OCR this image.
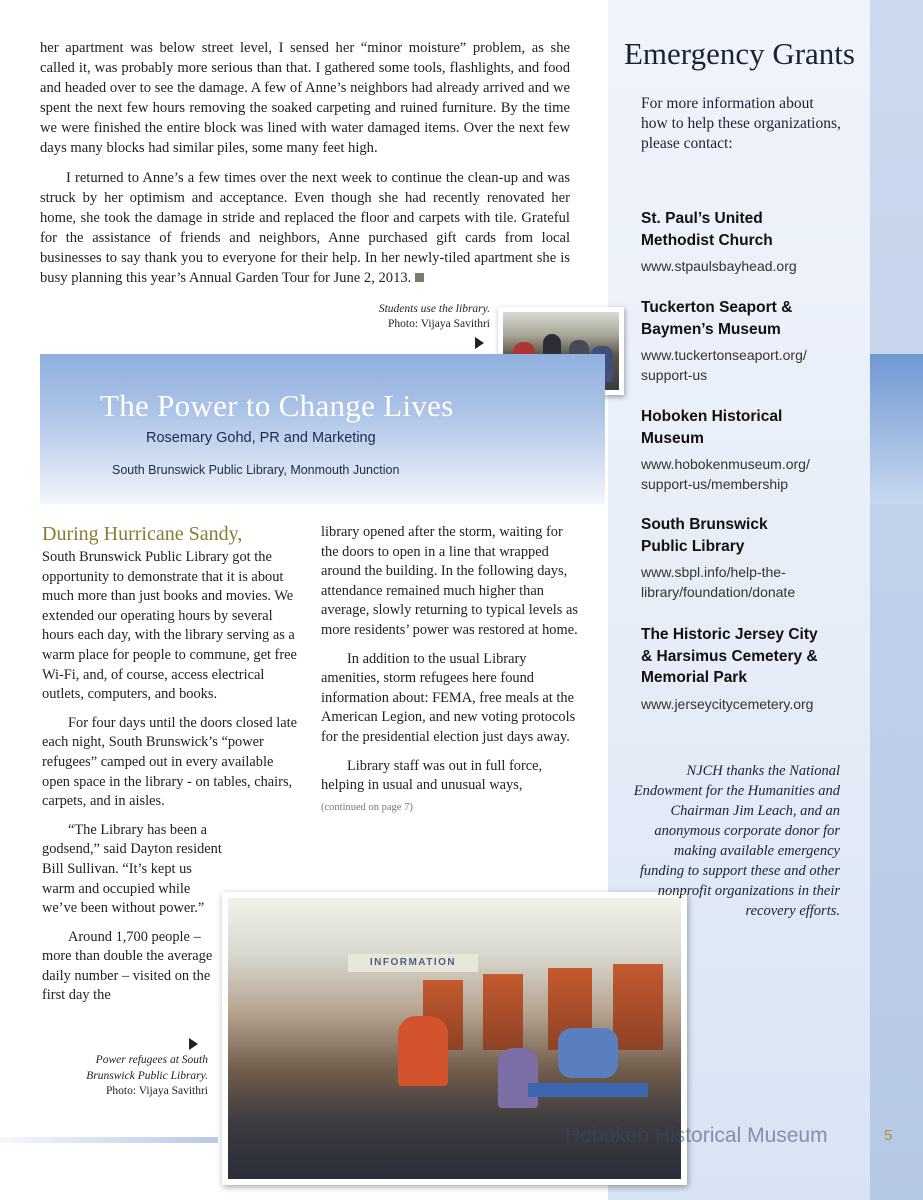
her apartment was below street level, I sensed her “minor moisture” problem, as she called it, was probably more serious than that. I gathered some tools, flashlights, and food and headed over to see the damage. A few of Anne’s neighbors had already arrived and we spent the next few hours removing the soaked carpeting and ruined furniture. By the time we were finished the entire block was lined with water damaged items. Over the next few days many blocks had similar piles, some many feet high.

I returned to Anne’s a few times over the next week to continue the clean-up and was struck by her optimism and acceptance. Even though she had recently renovated her home, she took the damage in stride and replaced the floor and carpets with tile. Grateful for the assistance of friends and neighbors, Anne purchased gift cards from local businesses to say thank you to everyone for their help. In her newly-tiled apartment she is busy planning this year’s Annual Garden Tour for June 2, 2013.

Students use the library.
Photo: Vijaya Savithri
The Power to Change Lives
Rosemary Gohd, PR and Marketing
South Brunswick Public Library, Monmouth Junction
During Hurricane Sandy,

South Brunswick Public Library got the opportunity to demonstrate that it is about much more than just books and movies. We extended our operating hours by several hours each day, with the library serving as a warm place for people to commune, get free Wi-Fi, and, of course, access electrical outlets, computers, and books.

For four days until the doors closed late each night, South Brunswick’s “power refugees” camped out in every available open space in the library - on tables, chairs, carpets, and in aisles.

“The Library has been a godsend,” said Dayton resident Bill Sullivan. “It’s kept us warm and occupied while we’ve been without power.”

Around 1,700 people – more than double the average daily number – visited on the first day the

library opened after the storm, waiting for the doors to open in a line that wrapped around the building. In the following days, attendance remained much higher than average, slowly returning to typical levels as more residents’ power was restored at home.

In addition to the usual Library amenities, storm refugees here found information about: FEMA, free meals at the American Legion, and new voting protocols for the presidential election just days away.

Library staff was out in full force, helping in usual and unusual ways,

(continued on page 7)
INFORMATION
Power refugees at South
Brunswick Public Library.
Photo: Vijaya Savithri
Emergency Grants
For more information about how to help these organizations, please contact:
St. Paul’s United
Methodist Church
www.stpaulsbayhead.org
Tuckerton Seaport &
Baymen’s Museum
www.tuckertonseaport.org/
support-us
Hoboken Historical
Museum
www.hobokenmuseum.org/
support-us/membership
South Brunswick
Public Library
www.sbpl.info/help-the-
library/foundation/donate
The Historic Jersey City
& Harsimus Cemetery &
Memorial Park
www.jerseycitycemetery.org
NJCH thanks the National Endowment for the Humanities and Chairman Jim Leach, and an anonymous corporate donor for making available emergency funding to support these and other nonprofit organizations in their recovery efforts.
Hoboken Historical Museum	5
